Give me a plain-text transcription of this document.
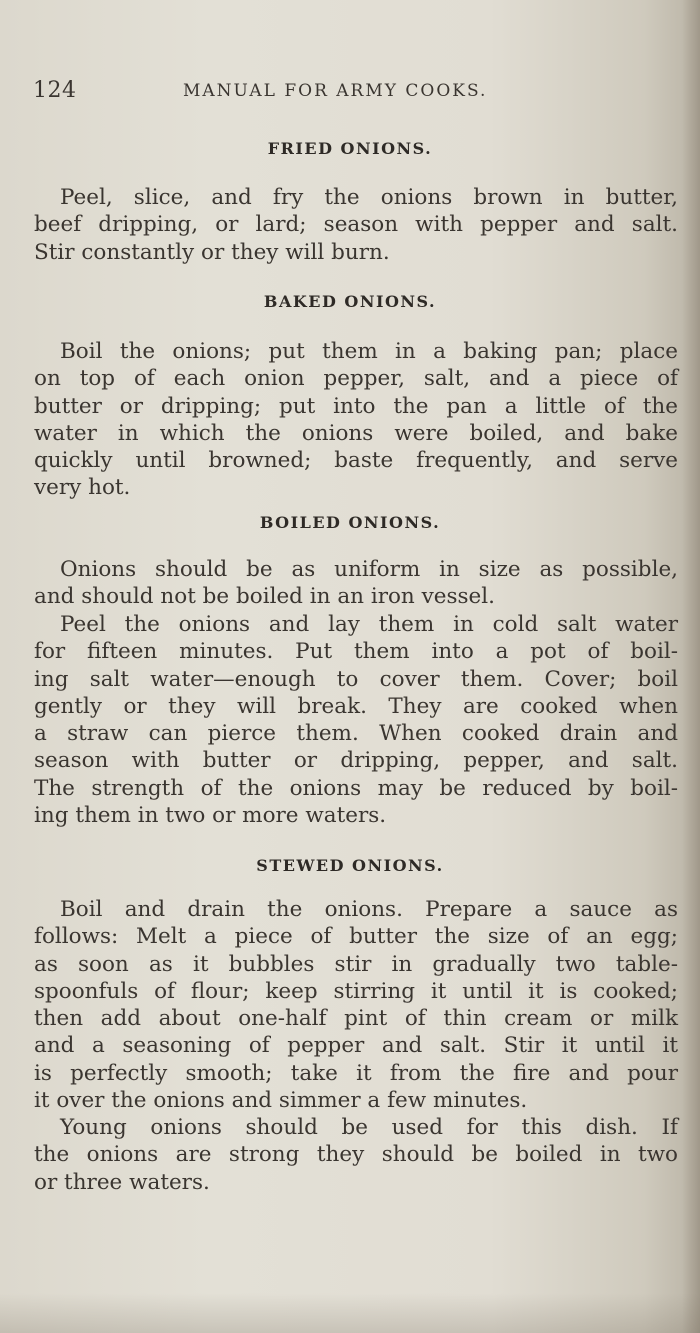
124	MANUAL FOR ARMY COOKS.
FRIED ONIONS.
Peel, slice, and fry the onions brown in butter,
beef dripping, or lard; season with pepper and salt.
Stir constantly or they will burn.
BAKED ONIONS.
Boil the onions; put them in a baking pan; place
on top of each onion pepper, salt, and a piece of
butter or dripping; put into the pan a little of the
water in which the onions were boiled, and bake
quickly until browned; baste frequently, and serve
very hot.
BOILED ONIONS.
Onions should be as uniform in size as possible,
and should not be boiled in an iron vessel.
Peel the onions and lay them in cold salt water
for fifteen minutes. Put them into a pot of boil-
ing salt water—enough to cover them. Cover; boil
gently or they will break. They are cooked when
a straw can pierce them. When cooked drain and
season with butter or dripping, pepper, and salt.
The strength of the onions may be reduced by boil-
ing them in two or more waters.
STEWED ONIONS.
Boil and drain the onions. Prepare a sauce as
follows: Melt a piece of butter the size of an egg;
as soon as it bubbles stir in gradually two table-
spoonfuls of flour; keep stirring it until it is cooked;
then add about one-half pint of thin cream or milk
and a seasoning of pepper and salt. Stir it until it
is perfectly smooth; take it from the fire and pour
it over the onions and simmer a few minutes.
Young onions should be used for this dish. If
the onions are strong they should be boiled in two
or three waters.
